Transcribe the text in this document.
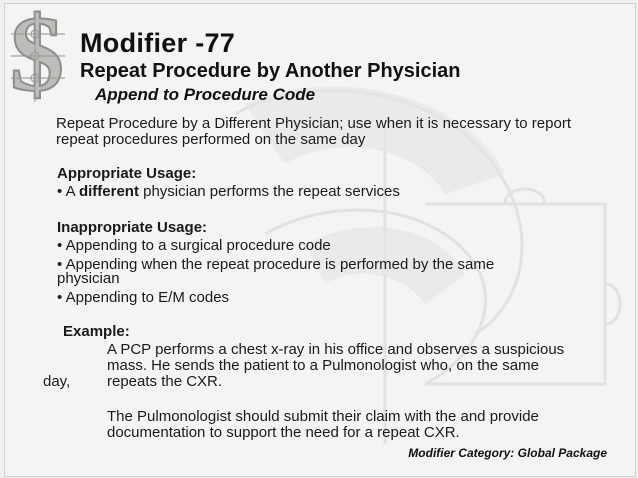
$ Modifier -77
Repeat Procedure by Another Physician
Append to Procedure Code
Repeat Procedure by a Different Physician; use when it is necessary to report
repeat procedures performed on the same day
Appropriate Usage:
• A different physician performs the repeat services
Inappropriate Usage:
• Appending to a surgical procedure code
• Appending when the repeat procedure is performed by the same
physician
• Appending to E/M codes
Example:
A PCP performs a chest x-ray in his office and observes a suspicious
mass. He sends the patient to a Pulmonologist who, on the same
day, repeats the CXR.
The Pulmonologist should submit their claim with the and provide
documentation to support the need for a repeat CXR.
Modifier Category: Global Package
